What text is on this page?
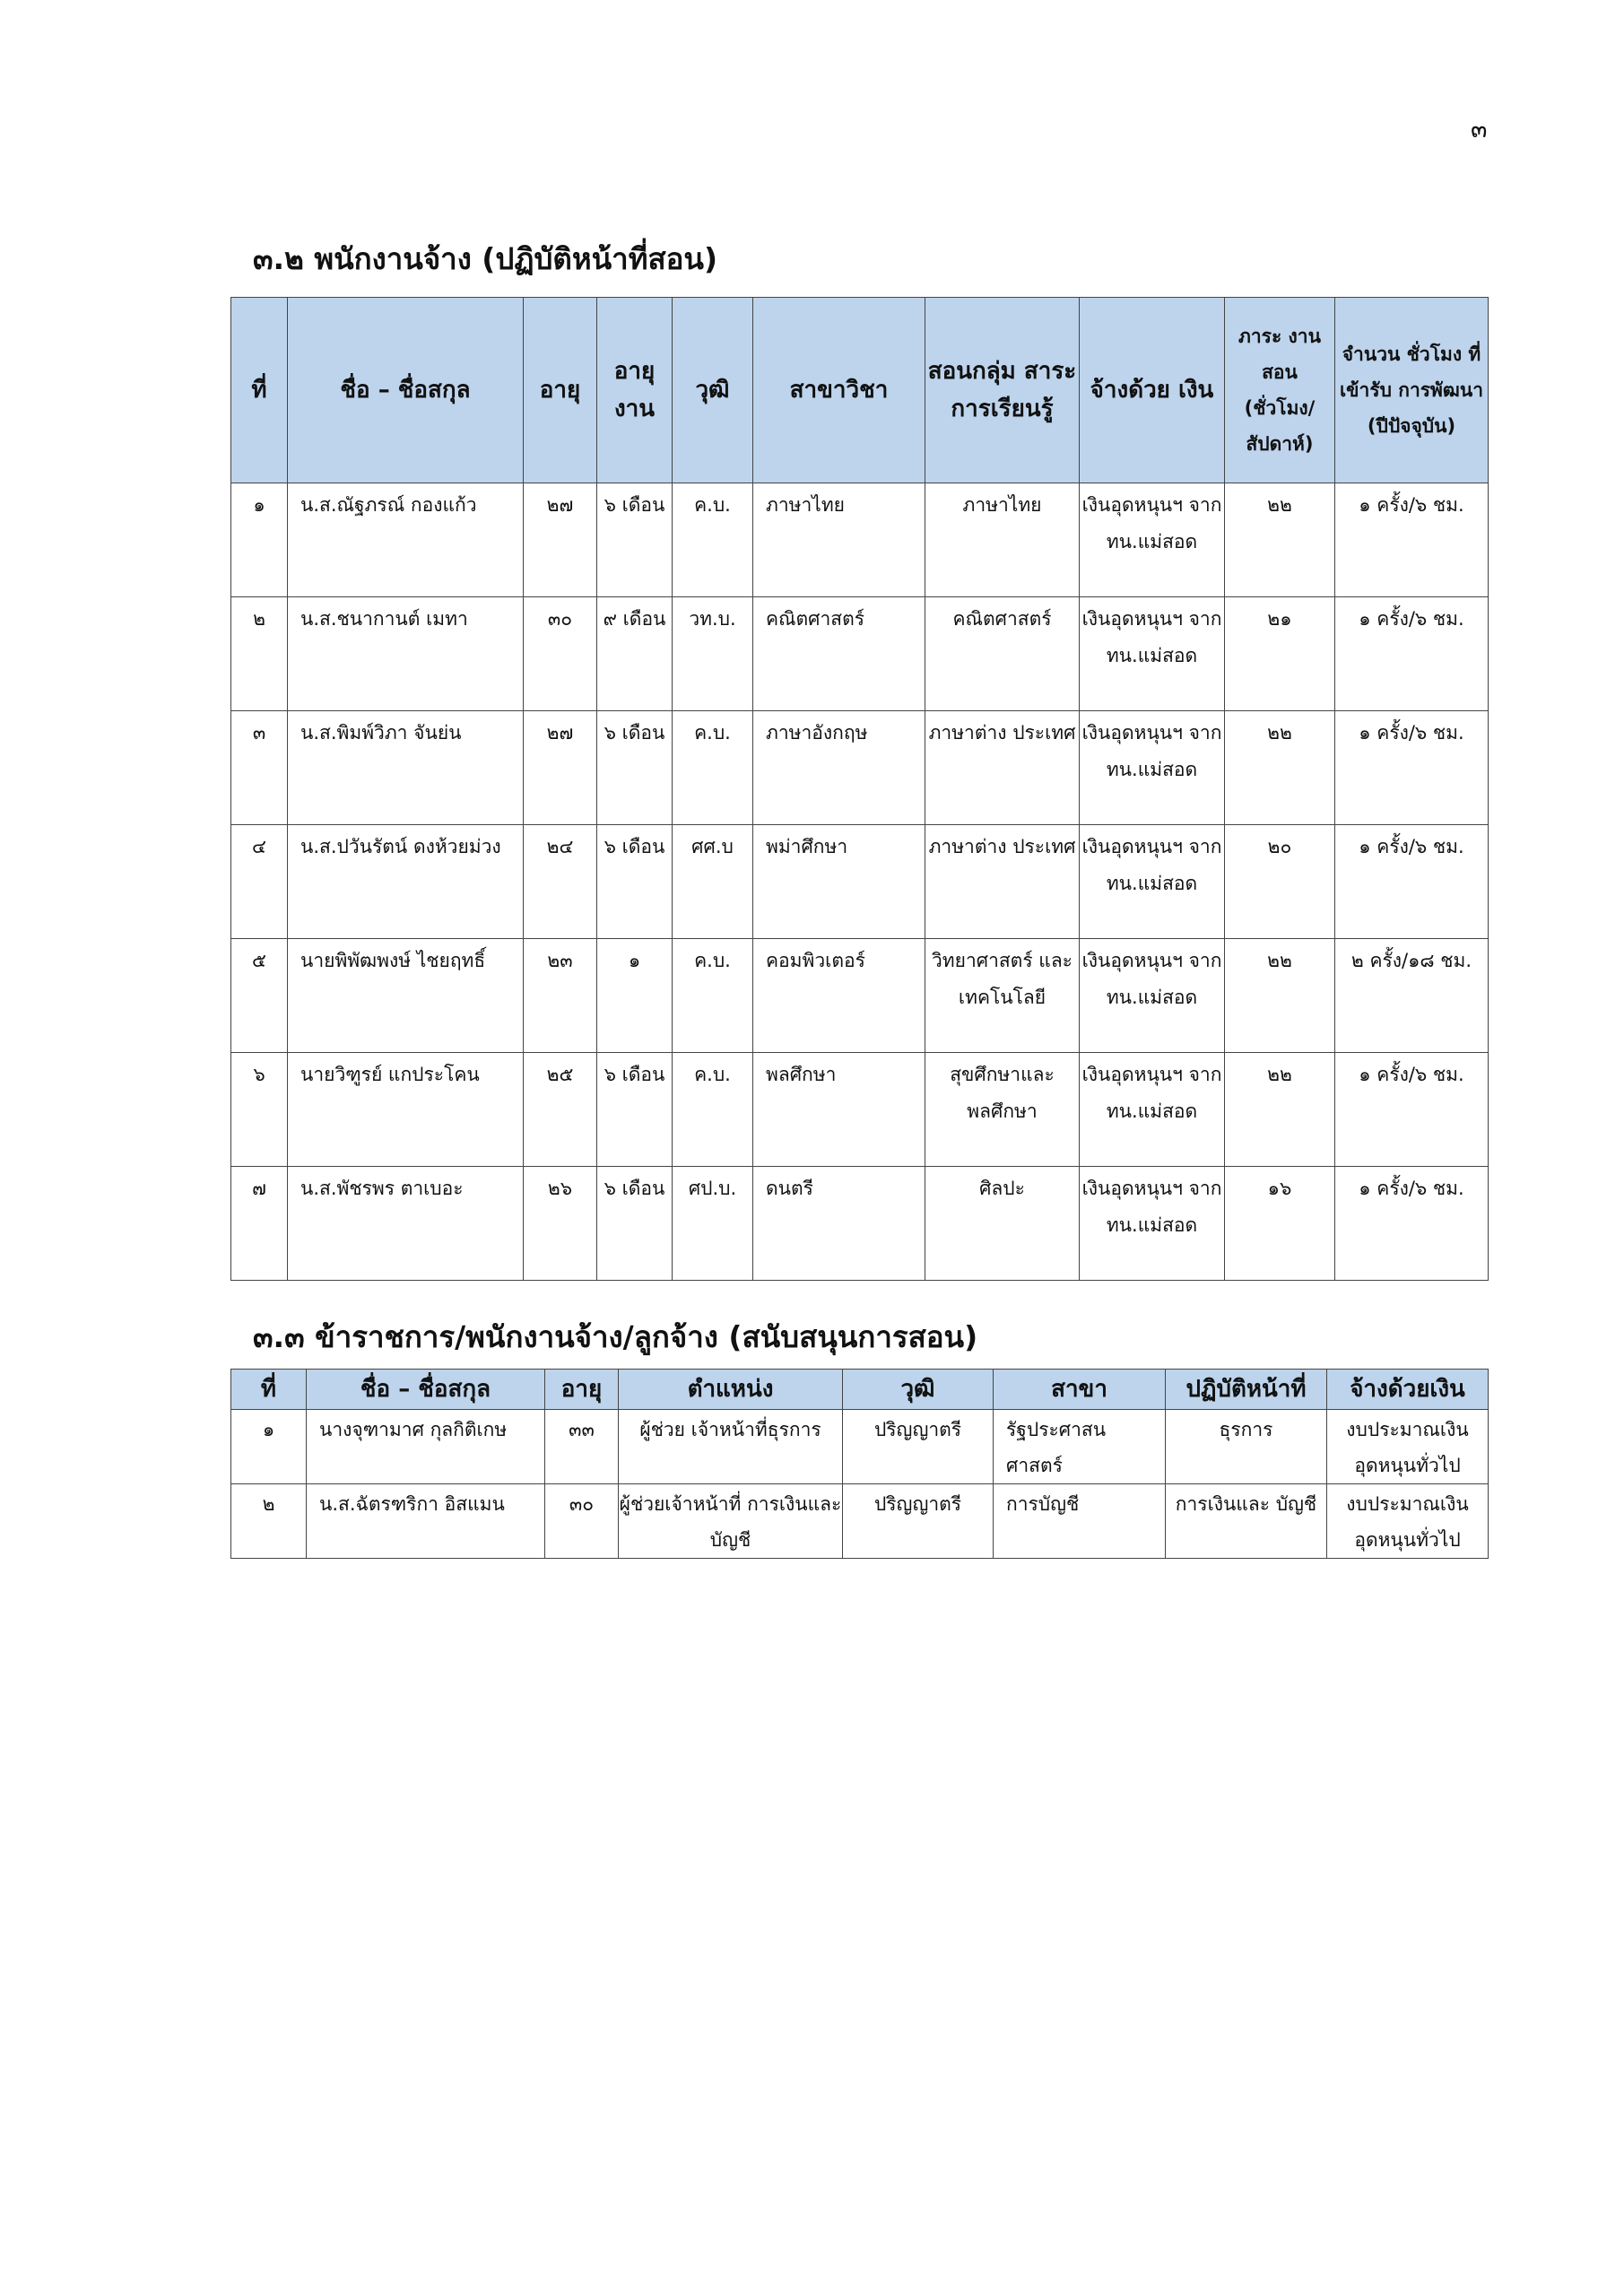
๓
๓.๒ พนักงานจ้าง (ปฏิบัติหน้าที่สอน)
ที่	ชื่อ – ชื่อสกุล	อายุ	อายุ งาน	วุฒิ	สาขาวิชา	สอนกลุ่ม สาระ การเรียนรู้	จ้างด้วย เงิน	ภาระ งานสอน (ชั่วโมง/ สัปดาห์)	จำนวน ชั่วโมง ที่เข้ารับ การพัฒนา (ปีปัจจุบัน)
๑	น.ส.ณัฐภรณ์ กองแก้ว	๒๗	๖ เดือน	ค.บ.	ภาษาไทย	ภาษาไทย	เงินอุดหนุนฯ จาก ทน.แม่สอด	๒๒	๑ ครั้ง/๖ ชม.
๒	น.ส.ชนากานต์ เมทา	๓๐	๙ เดือน	วท.บ.	คณิตศาสตร์	คณิตศาสตร์	เงินอุดหนุนฯ จาก ทน.แม่สอด	๒๑	๑ ครั้ง/๖ ชม.
๓	น.ส.พิมพ์วิภา จันย่น	๒๗	๖ เดือน	ค.บ.	ภาษาอังกฤษ	ภาษาต่าง ประเทศ	เงินอุดหนุนฯ จาก ทน.แม่สอด	๒๒	๑ ครั้ง/๖ ชม.
๔	น.ส.ปวันรัตน์ ดงห้วยม่วง	๒๔	๖ เดือน	ศศ.บ	พม่าศึกษา	ภาษาต่าง ประเทศ	เงินอุดหนุนฯ จาก ทน.แม่สอด	๒๐	๑ ครั้ง/๖ ชม.
๕	นายพิพัฒพงษ์ ไชยฤทธิ์	๒๓	๑	ค.บ.	คอมพิวเตอร์	วิทยาศาสตร์ และเทคโนโลยี	เงินอุดหนุนฯ จาก ทน.แม่สอด	๒๒	๒ ครั้ง/๑๘ ชม.
๖	นายวิฑูรย์ แกประโคน	๒๕	๖ เดือน	ค.บ.	พลศึกษา	สุขศึกษาและ พลศึกษา	เงินอุดหนุนฯ จาก ทน.แม่สอด	๒๒	๑ ครั้ง/๖ ชม.
๗	น.ส.พัชรพร ตาเบอะ	๒๖	๖ เดือน	ศป.บ.	ดนตรี	ศิลปะ	เงินอุดหนุนฯ จาก ทน.แม่สอด	๑๖	๑ ครั้ง/๖ ชม.
๓.๓ ข้าราชการ/พนักงานจ้าง/ลูกจ้าง (สนับสนุนการสอน)
ที่	ชื่อ – ชื่อสกุล	อายุ	ตำแหน่ง	วุฒิ	สาขา	ปฏิบัติหน้าที่	จ้างด้วยเงิน
๑	นางจุฑามาศ กุลกิติเกษ	๓๓	ผู้ช่วย เจ้าหน้าที่ธุรการ	ปริญญาตรี	รัฐประศาสน ศาสตร์	ธุรการ	งบประมาณเงิน อุดหนุนทั่วไป
๒	น.ส.ฉัตรฑริกา อิสแมน	๓๐	ผู้ช่วยเจ้าหน้าที่ การเงินและบัญชี	ปริญญาตรี	การบัญชี	การเงินและ บัญชี	งบประมาณเงิน อุดหนุนทั่วไป
